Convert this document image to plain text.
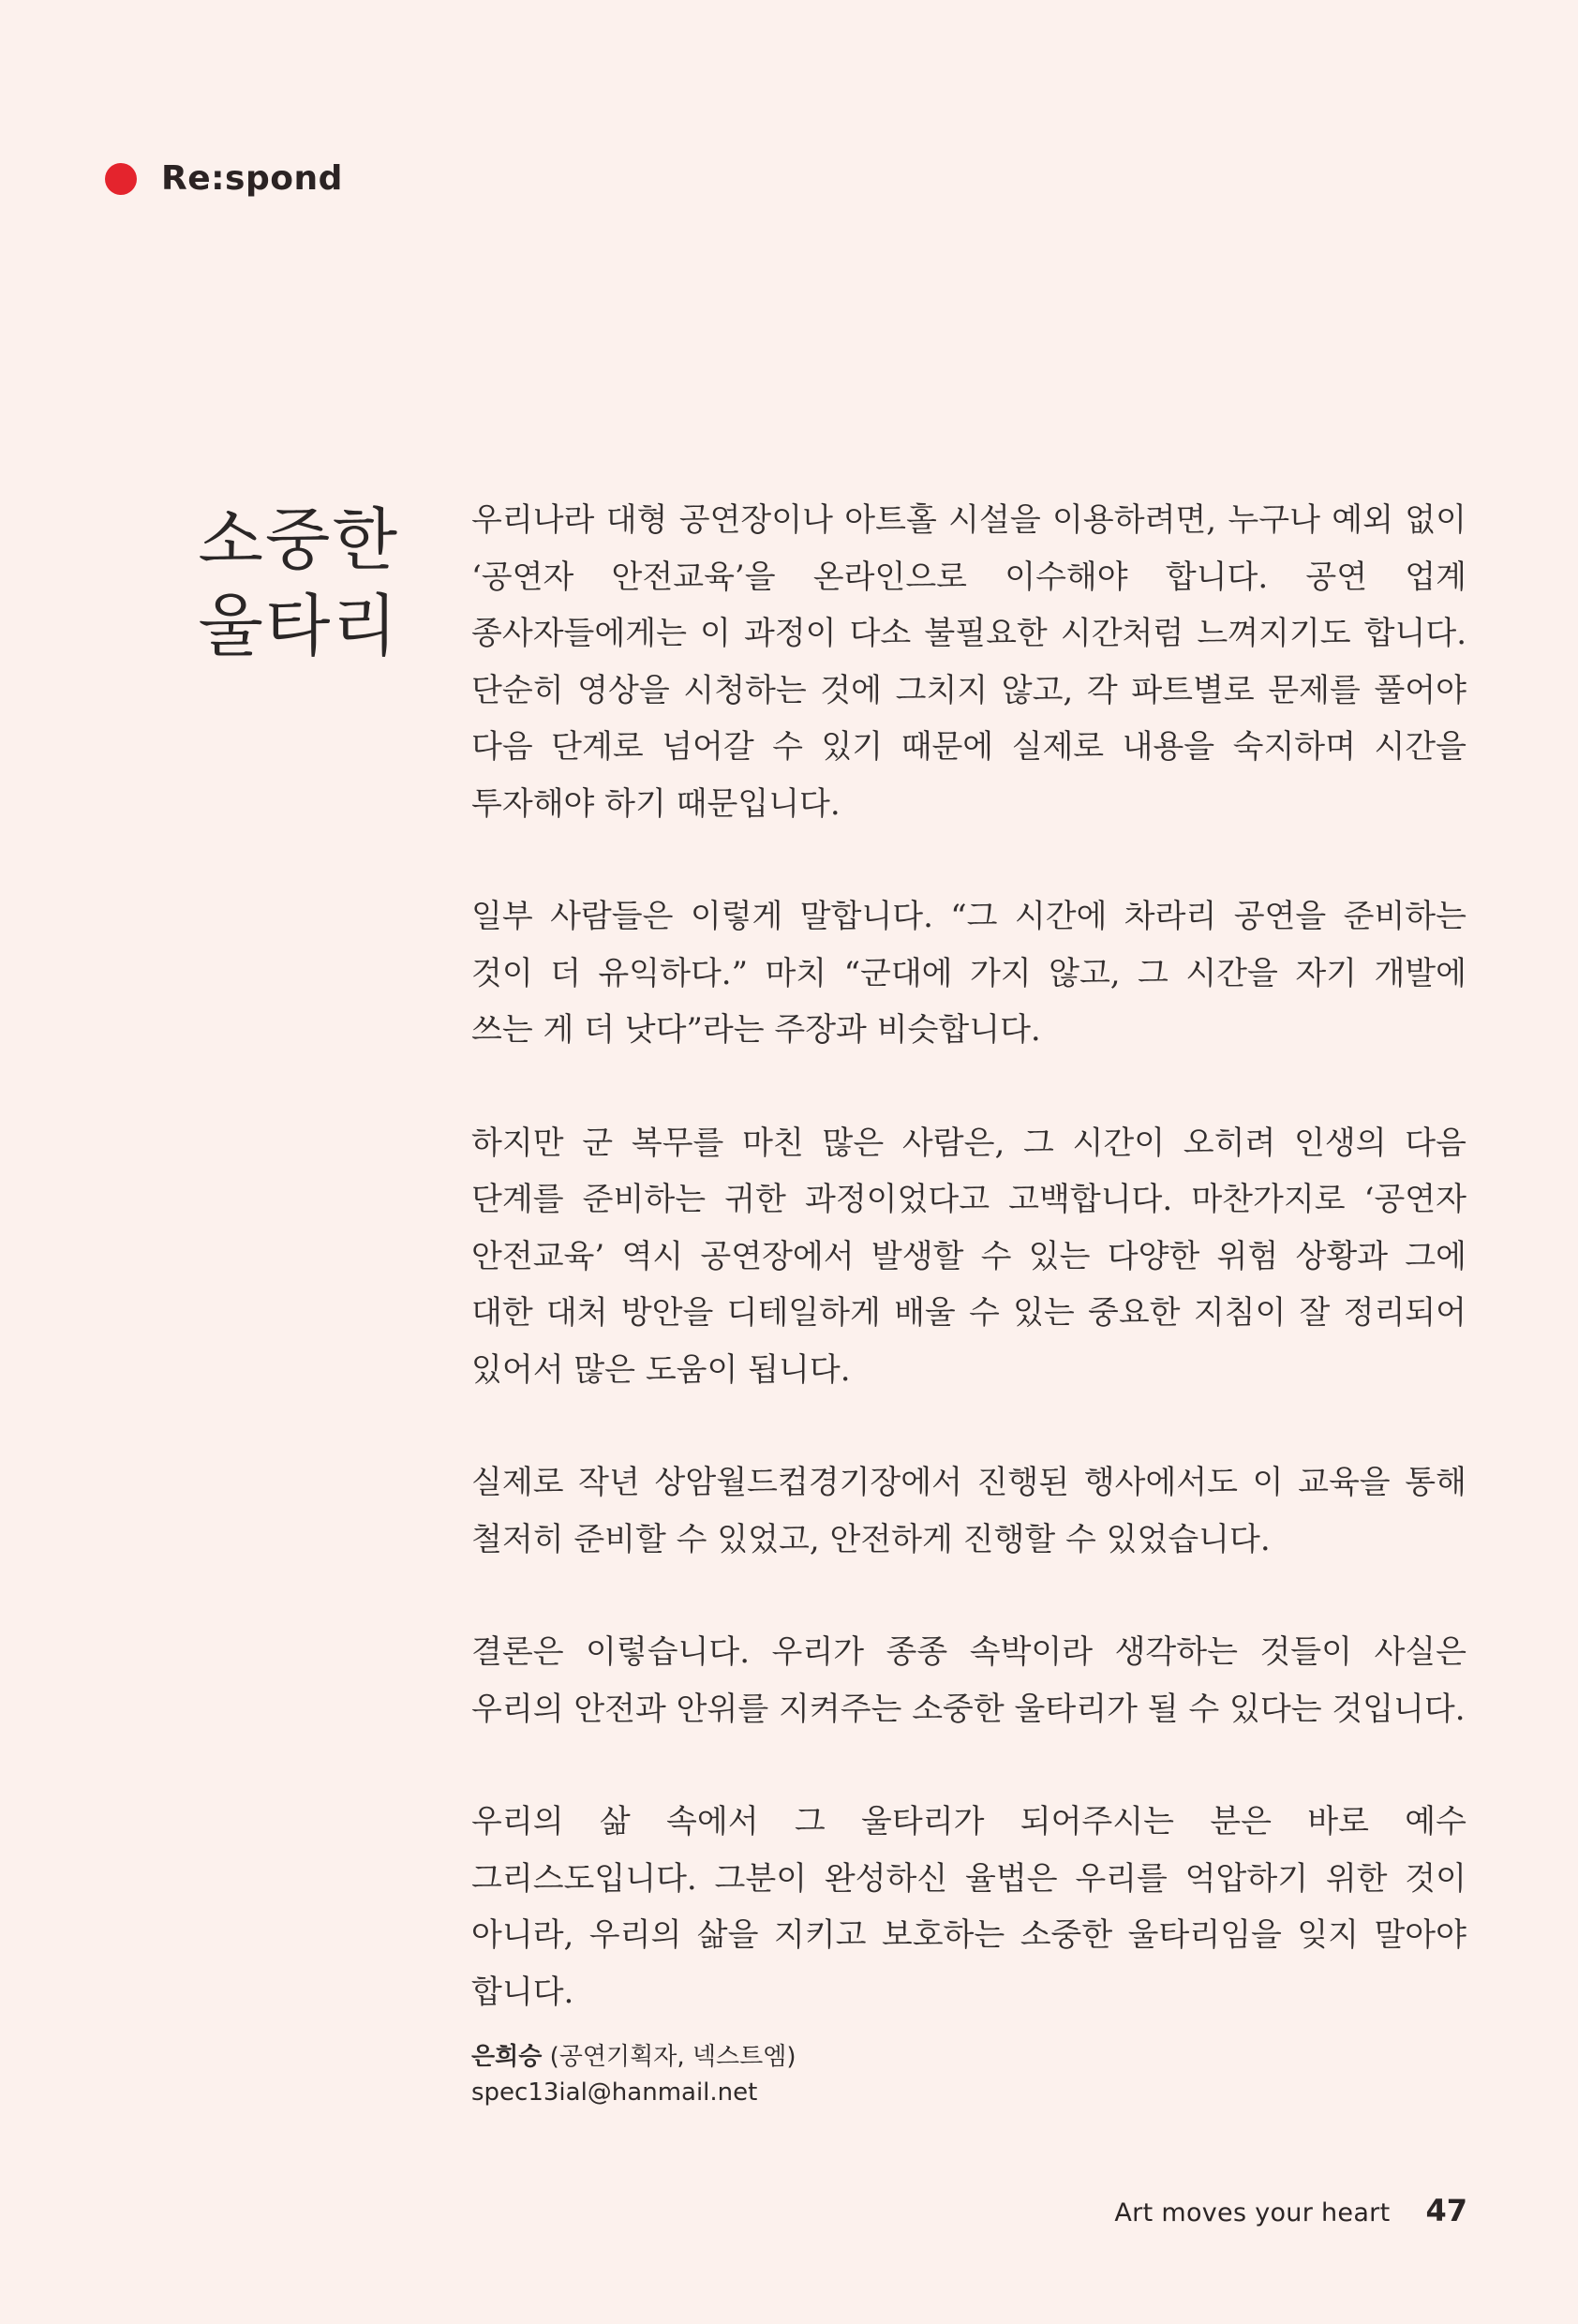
Re:spond
소중한
울타리

우리나라 대형 공연장이나 아트홀 시설을 이용하려면, 누구나 예외 없이 ‘공연자 안전교육’을 온라인으로 이수해야 합니다. 공연 업계 종사자들에게는 이 과정이 다소 불필요한 시간처럼 느껴지기도 합니다. 단순히 영상을 시청하는 것에 그치지 않고, 각 파트별로 문제를 풀어야 다음 단계로 넘어갈 수 있기 때문에 실제로 내용을 숙지하며 시간을 투자해야 하기 때문입니다.

일부 사람들은 이렇게 말합니다. “그 시간에 차라리 공연을 준비하는 것이 더 유익하다.” 마치 “군대에 가지 않고, 그 시간을 자기 개발에 쓰는 게 더 낫다”라는 주장과 비슷합니다.

하지만 군 복무를 마친 많은 사람은, 그 시간이 오히려 인생의 다음 단계를 준비하는 귀한 과정이었다고 고백합니다. 마찬가지로 ‘공연자 안전교육’ 역시 공연장에서 발생할 수 있는 다양한 위험 상황과 그에 대한 대처 방안을 디테일하게 배울 수 있는 중요한 지침이 잘 정리되어 있어서 많은 도움이 됩니다.

실제로 작년 상암월드컵경기장에서 진행된 행사에서도 이 교육을 통해 철저히 준비할 수 있었고, 안전하게 진행할 수 있었습니다.

결론은 이렇습니다. 우리가 종종 속박이라 생각하는 것들이 사실은 우리의 안전과 안위를 지켜주는 소중한 울타리가 될 수 있다는 것입니다.

우리의 삶 속에서 그 울타리가 되어주시는 분은 바로 예수 그리스도입니다. 그분이 완성하신 율법은 우리를 억압하기 위한 것이 아니라, 우리의 삶을 지키고 보호하는 소중한 울타리임을 잊지 말아야 합니다.

은희승 (공연기획자, 넥스트엠)
spec13ial@hanmail.net
Art moves your heart 47
